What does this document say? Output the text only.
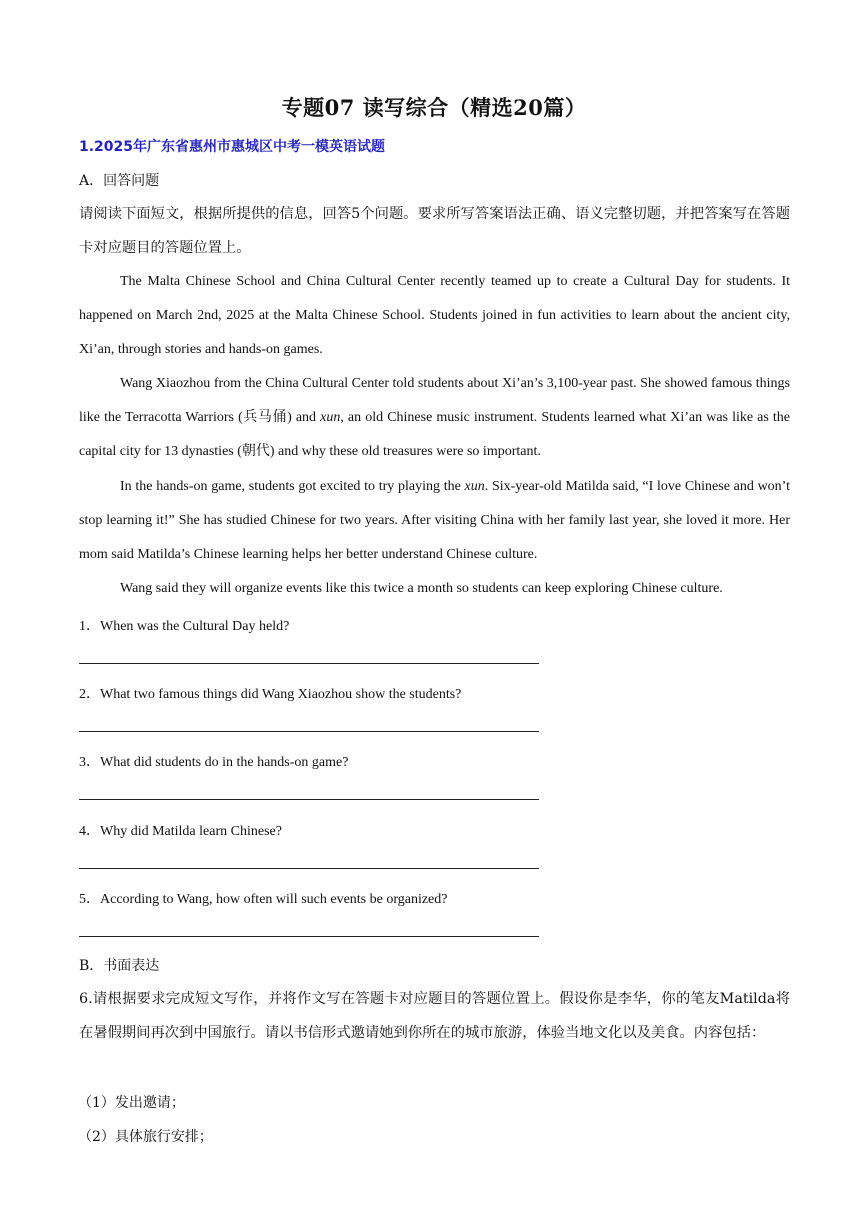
专题07 读写综合（精选20篇）
1.2025年广东省惠州市惠城区中考一模英语试题
A．回答问题
请阅读下面短文，根据所提供的信息，回答5个问题。要求所写答案语法正确、语义完整切题，并把答案写在答题卡对应题目的答题位置上。
The Malta Chinese School and China Cultural Center recently teamed up to create a Cultural Day for students. It happened on March 2nd, 2025 at the Malta Chinese School. Students joined in fun activities to learn about the ancient city, Xi’an, through stories and hands-on games.
Wang Xiaozhou from the China Cultural Center told students about Xi’an’s 3,100-year past. She showed famous things like the Terracotta Warriors (兵马俑) and xun, an old Chinese music instrument. Students learned what Xi’an was like as the capital city for 13 dynasties (朝代) and why these old treasures were so important.
In the hands-on game, students got excited to try playing the xun. Six-year-old Matilda said, “I love Chinese and won’t stop learning it!” She has studied Chinese for two years. After visiting China with her family last year, she loved it more. Her mom said Matilda’s Chinese learning helps her better understand Chinese culture.
Wang said they will organize events like this twice a month so students can keep exploring Chinese culture.
1．When was the Cultural Day held?
2．What two famous things did Wang Xiaozhou show the students?
3．What did students do in the hands-on game?
4．Why did Matilda learn Chinese?
5．According to Wang, how often will such events be organized?
B．书面表达
6.请根据要求完成短文写作，并将作文写在答题卡对应题目的答题位置上。假设你是李华，你的笔友Matilda将在暑假期间再次到中国旅行。请以书信形式邀请她到你所在的城市旅游，体验当地文化以及美食。内容包括：
（1）发出邀请；
（2）具体旅行安排；
